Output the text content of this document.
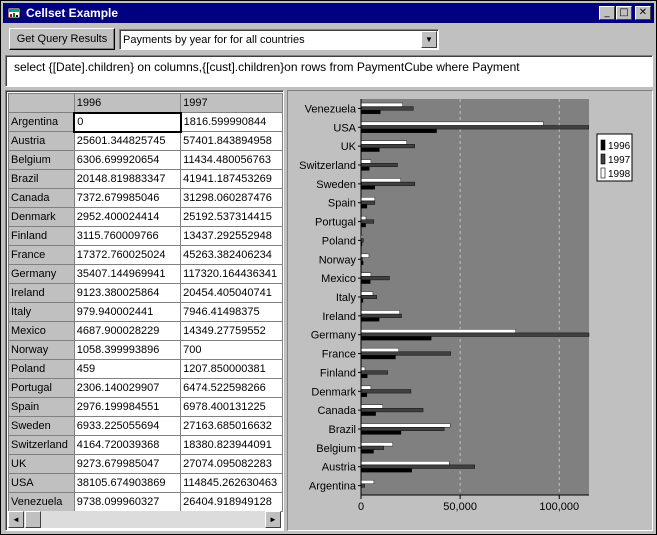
Cellset Example	_ □	✕
Get Query Results	Payments by year for for all countries	▼
select {[Date].children} on columns,{[cust].children}on rows from PaymentCube where Payment
	1996	1997
Argentina	0	1816.599990844
Austria	25601.344825745	57401.843894958
Belgium	6306.699920654	11434.480056763
Brazil	20148.819883347	41941.187453269
Canada	7372.679985046	31298.060287476
Denmark	2952.400024414	25192.537314415
Finland	3115.760009766	13437.292552948
France	17372.760025024	45263.382406234
Germany	35407.144969941	117320.164436341
Ireland	9123.380025864	20454.405040741
Italy	979.940002441	7946.41498375
Mexico	4687.900028229	14349.27759552
Norway	1058.399993896	700
Poland	459	1207.850000381
Portugal	2306.140029907	6474.522598266
Spain	2976.199984551	6978.400131225
Sweden	6933.225055694	27163.685016632
Switzerland	4164.720039368	18380.823944091
UK	9273.679985047	27074.095082283
USA	38105.674903869	114845.262630463
Venezuela	9738.099960327	26404.918949128
◄	►
0	50,000	100,000
Argentina
Austria
Belgium
Brazil
Canada
Denmark
Finland
France
Germany
Ireland
Italy
Mexico
Norway
Poland
Portugal
Spain
Sweden
Switzerland
UK
USA
Venezuela
1996
1997
1998
